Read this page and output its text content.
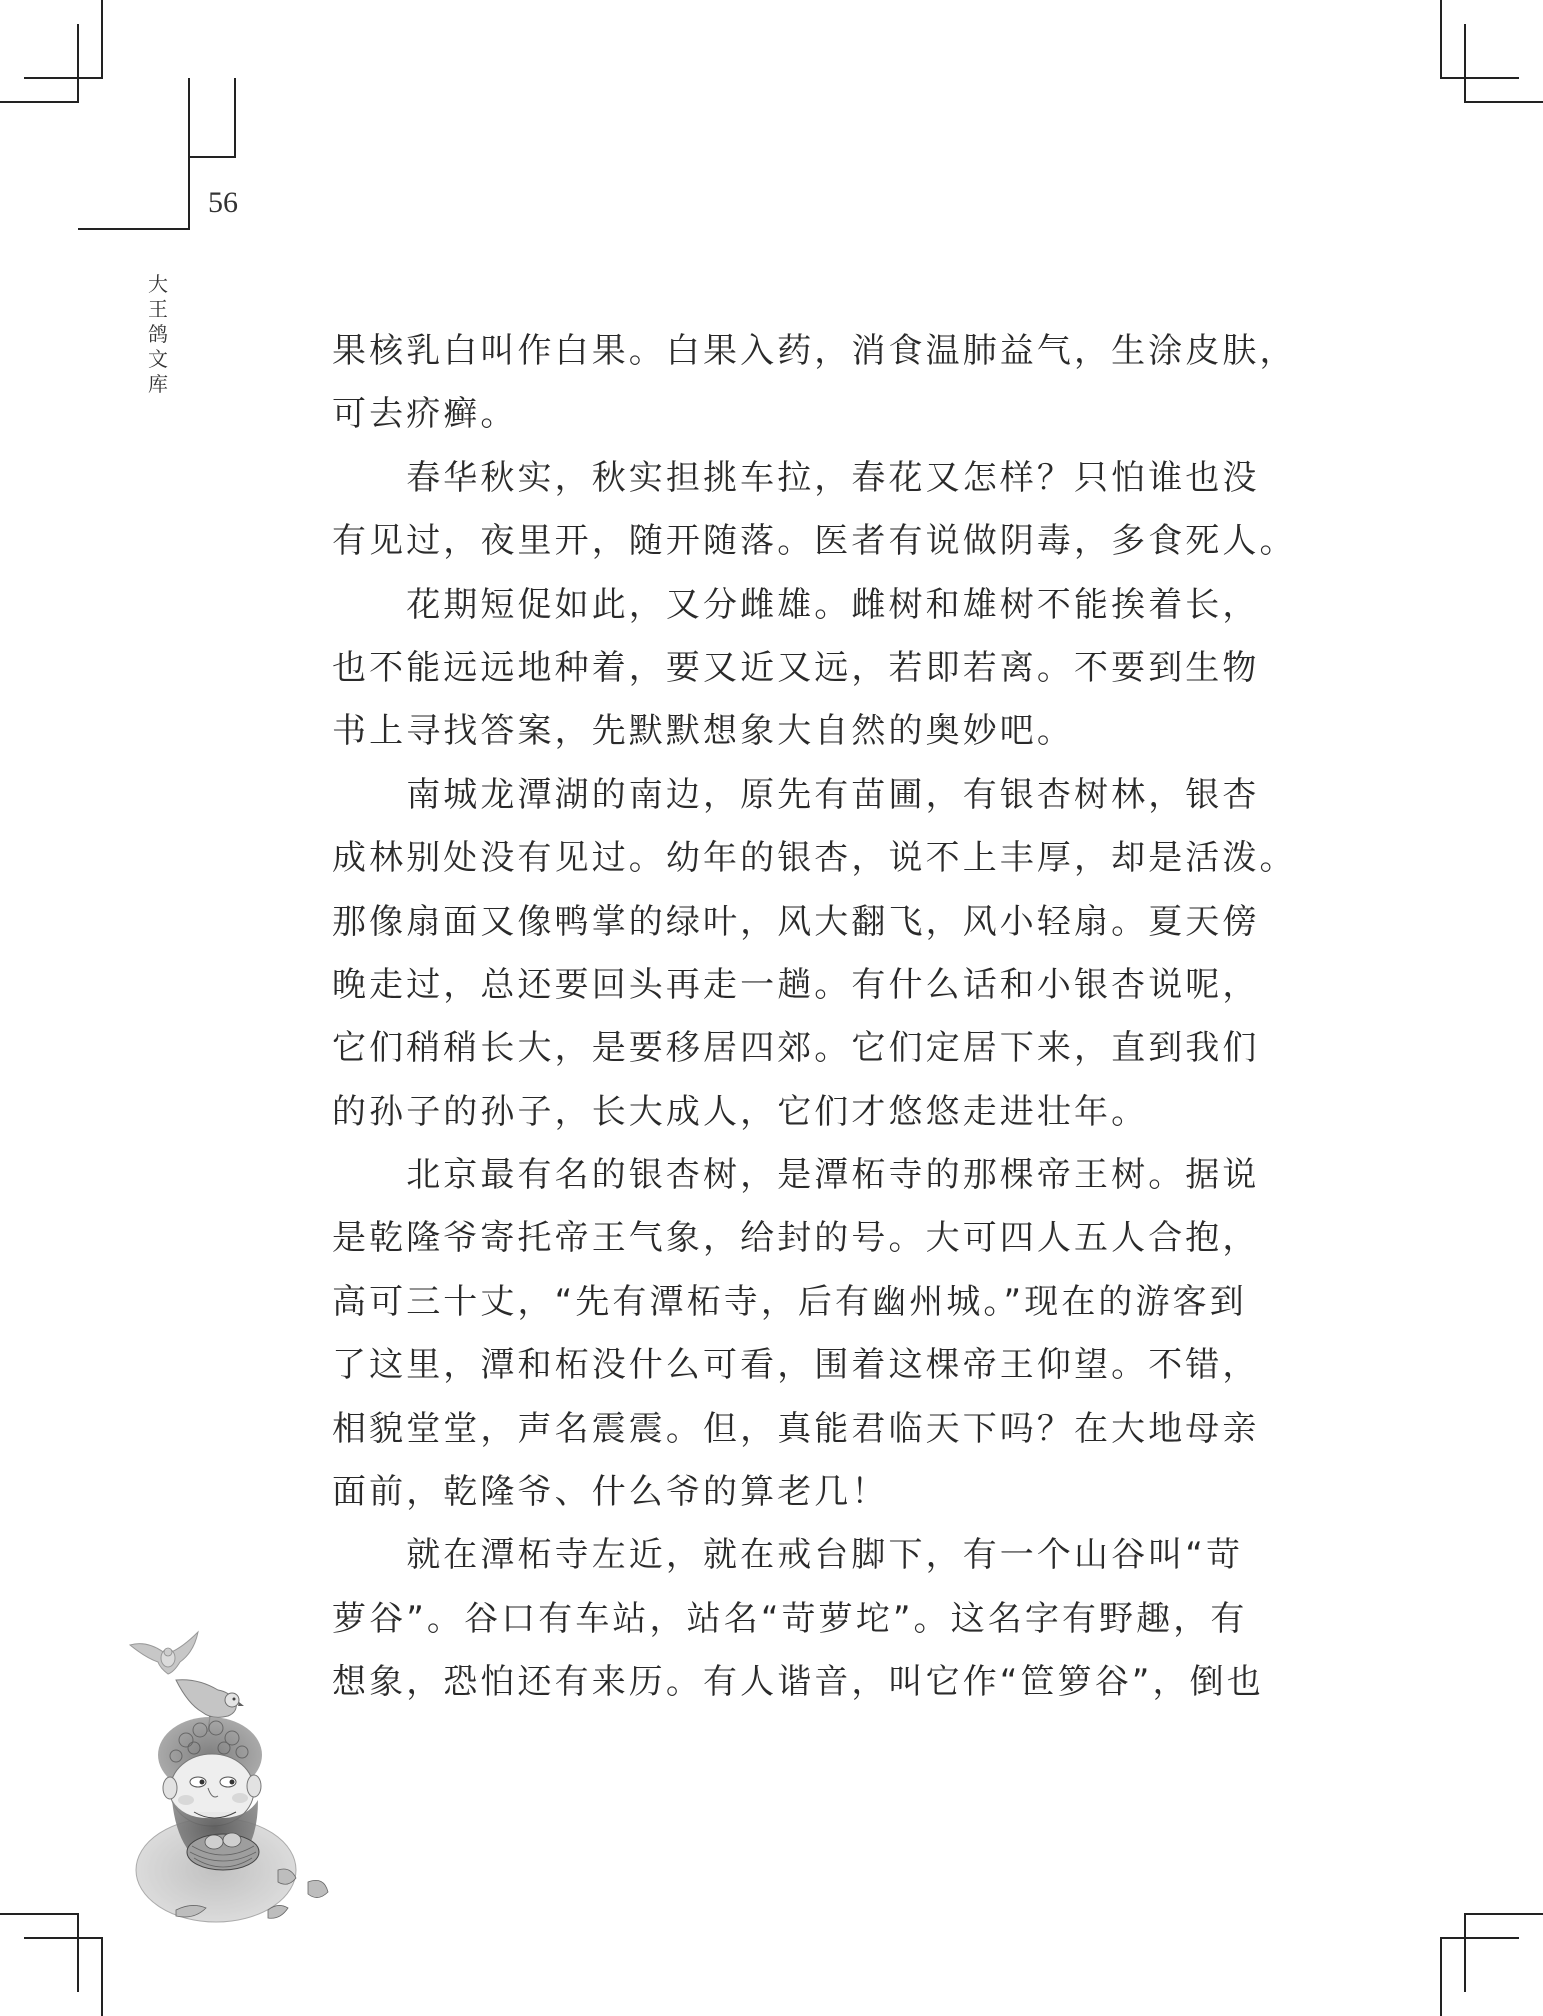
56
大
王
鸽
文
库
果核乳白叫作白果。白果入药，消食温肺益气，生涂皮肤，
可去疥癣。
　　春华秋实，秋实担挑车拉，春花又怎样？只怕谁也没
有见过，夜里开，随开随落。医者有说做阴毒，多食死人。
　　花期短促如此，又分雌雄。雌树和雄树不能挨着长，
也不能远远地种着，要又近又远，若即若离。不要到生物
书上寻找答案，先默默想象大自然的奥妙吧。
　　南城龙潭湖的南边，原先有苗圃，有银杏树林，银杏
成林别处没有见过。幼年的银杏，说不上丰厚，却是活泼。
那像扇面又像鸭掌的绿叶，风大翻飞，风小轻扇。夏天傍
晚走过，总还要回头再走一趟。有什么话和小银杏说呢，
它们稍稍长大，是要移居四郊。它们定居下来，直到我们
的孙子的孙子，长大成人，它们才悠悠走进壮年。
　　北京最有名的银杏树，是潭柘寺的那棵帝王树。据说
是乾隆爷寄托帝王气象，给封的号。大可四人五人合抱，
高可三十丈，“先有潭柘寺，后有幽州城。”现在的游客到
了这里，潭和柘没什么可看，围着这棵帝王仰望。不错，
相貌堂堂，声名震震。但，真能君临天下吗？在大地母亲
面前，乾隆爷、什么爷的算老几！
　　就在潭柘寺左近，就在戒台脚下，有一个山谷叫“苛
萝谷”。谷口有车站，站名“苛萝坨”。这名字有野趣，有
想象，恐怕还有来历。有人谐音，叫它作“笸箩谷”，倒也
